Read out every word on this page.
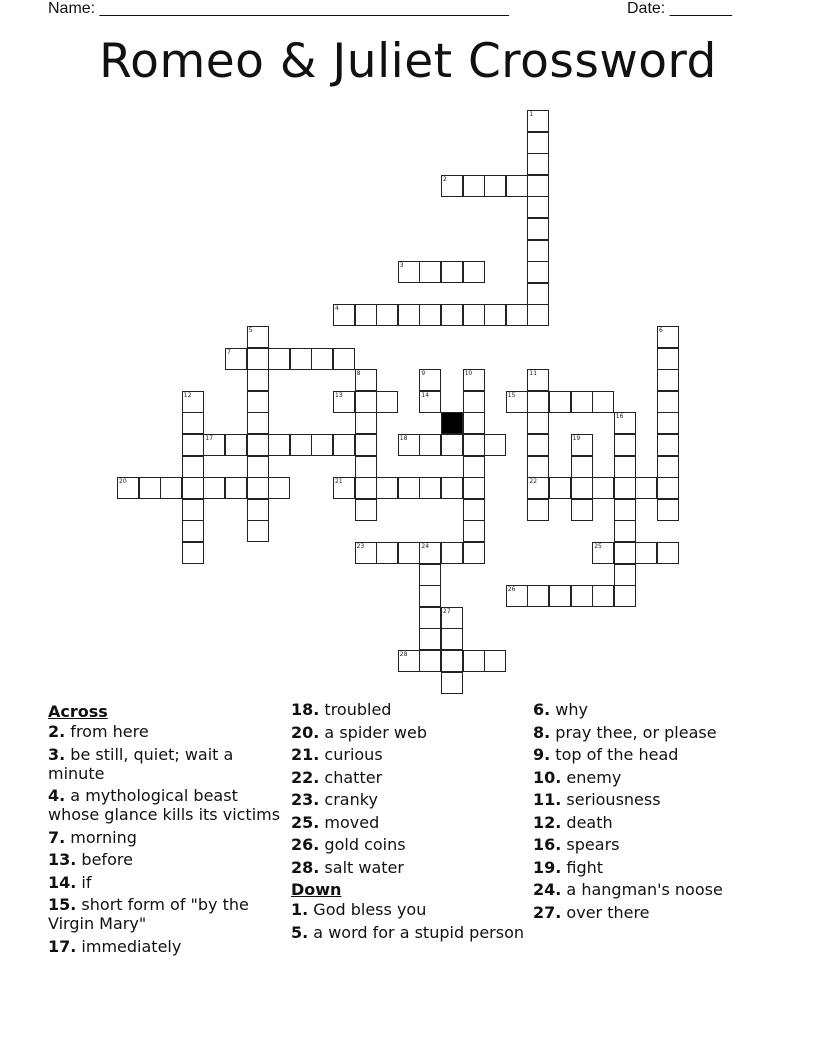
Name: ______________________________________________	Date: _______
Romeo & Juliet Crossword
1
2
3
4
5	6
7
8	9
14
10	11
22
12	13	15
16
17	18	19
20	21
23	24	25
26
27
28
Across
2. from here
3. be still, quiet; wait a minute
4. a mythological beast whose glance kills its victims
7. morning
13. before
14. if
15. short form of "by the Virgin Mary"
17. immediately
18. troubled
20. a spider web
21. curious
22. chatter
23. cranky
25. moved
26. gold coins
28. salt water
Down
1. God bless you
5. a word for a stupid person
6. why
8. pray thee, or please
9. top of the head
10. enemy
11. seriousness
12. death
16. spears
19. fight
24. a hangman's noose
27. over there
